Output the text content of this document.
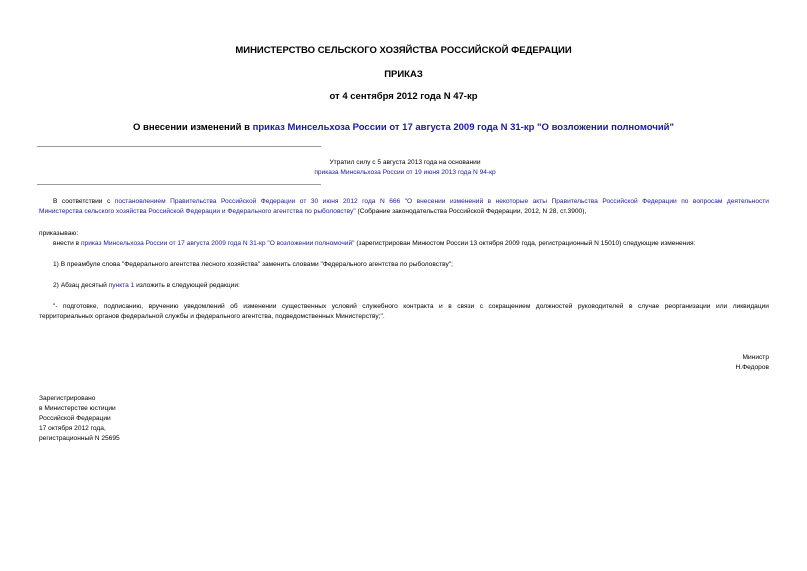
МИНИСТЕРСТВО СЕЛЬСКОГО ХОЗЯЙСТВА РОССИЙСКОЙ ФЕДЕРАЦИИ
ПРИКАЗ
от 4 сентября 2012 года N 47-кр
О внесении изменений в приказ Минсельхоза России от 17 августа 2009 года N 31-кр "О возложении полномочий"
Утратил силу с 5 августа 2013 года на основании
приказа Минсельхоза России от 19 июня 2013 года N 94-кр
В соответствии с постановлением Правительства Российской Федерации от 30 июня 2012 года N 666 "О внесении изменений в некоторые акты Правительства Российской Федерации по вопросам деятельности
Министерства сельского хозяйства Российской Федерации и Федерального агентства по рыболовству" (Собрание законодательства Российской Федерации, 2012, N 28, ст.3900),
приказываю:
внести в приказ Минсельхоза России от 17 августа 2009 года N 31-кр "О возложении полномочий" (зарегистрирован Минюстом России 13 октября 2009 года, регистрационный N 15010) следующие изменения:
1) В преамбуле слова "Федерального агентства лесного хозяйства" заменить словами "Федерального агентства по рыболовству";
2) Абзац десятый пункта 1 изложить в следующей редакции:
"- подготовке, подписанию, вручению уведомлений об изменении существенных условий служебного контракта и в связи с сокращением должностей руководителей в случае реорганизации или ликвидации
территориальных органов федеральной службы и федерального агентства, подведомственных Министерству;".
Министр
Н.Федоров
Зарегистрировано
в Министерстве юстиции
Российской Федерации
17 октября 2012 года,
регистрационный N 25695
